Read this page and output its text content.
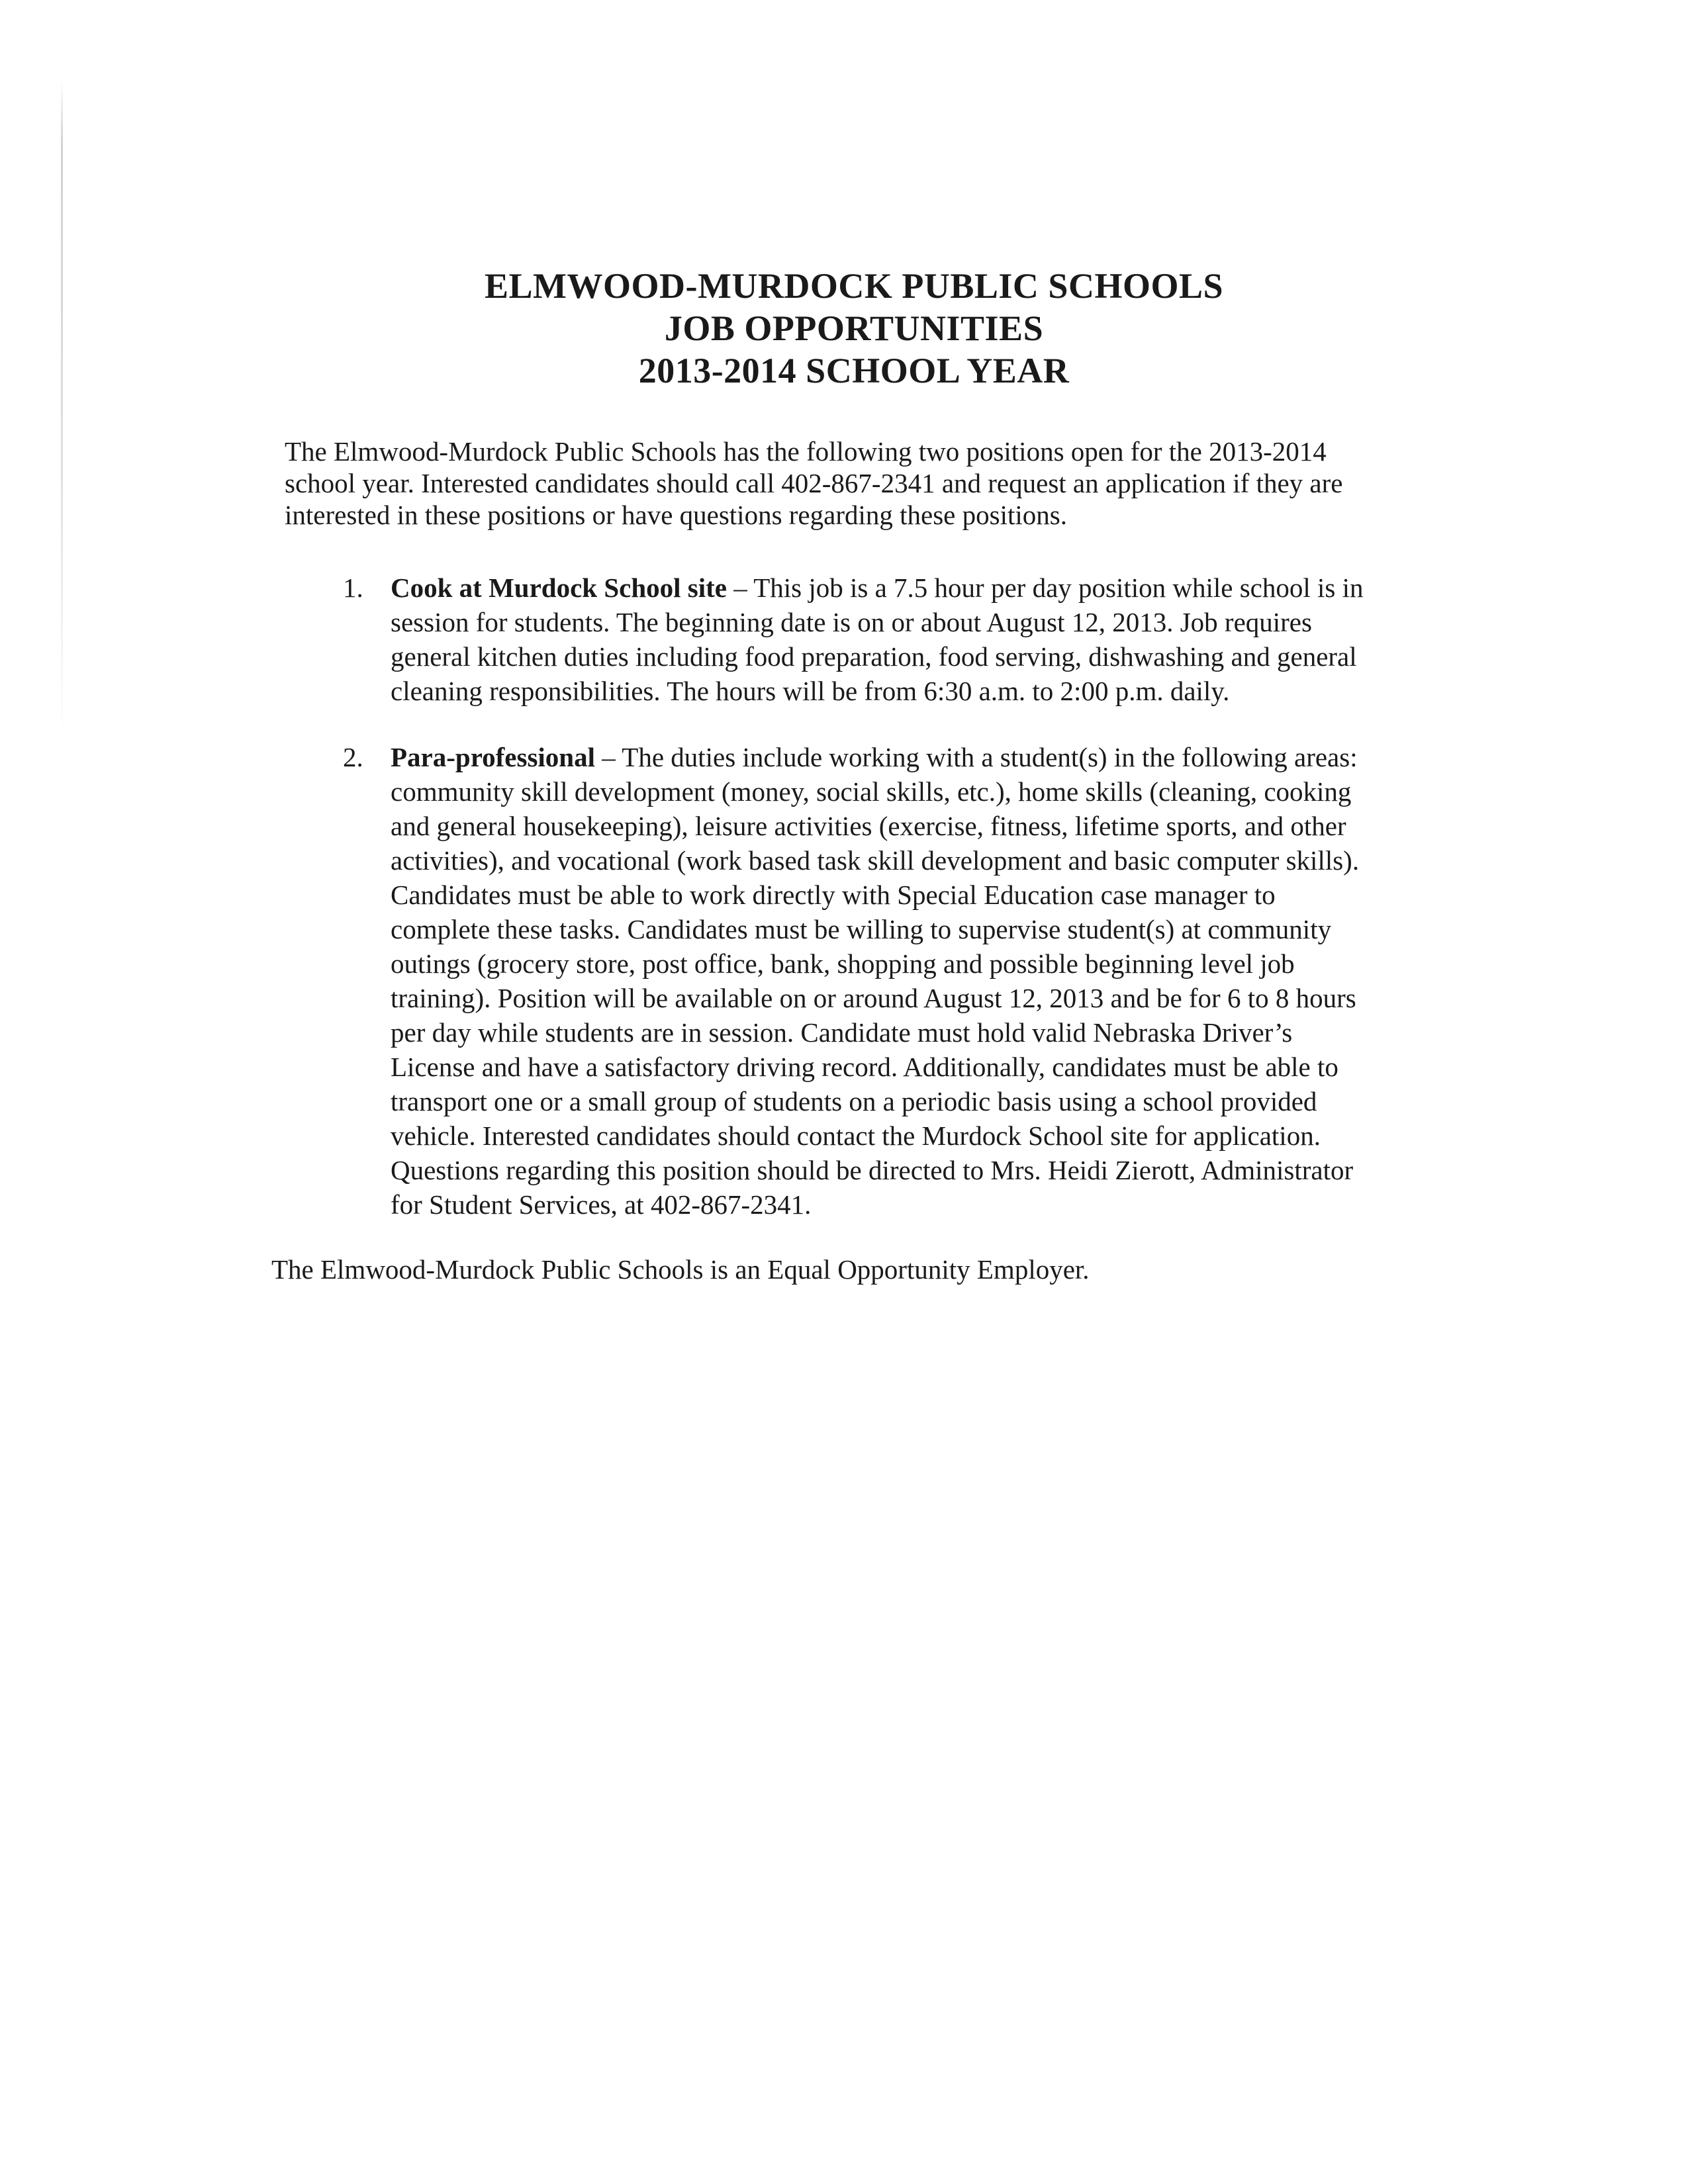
ELMWOOD-MURDOCK PUBLIC SCHOOLS
JOB OPPORTUNITIES
2013-2014 SCHOOL YEAR

The Elmwood-Murdock Public Schools has the following two positions open for the 2013-2014 school year. Interested candidates should call 402-867-2341 and request an application if they are interested in these positions or have questions regarding these positions.

1. Cook at Murdock School site – This job is a 7.5 hour per day position while school is in session for students. The beginning date is on or about August 12, 2013. Job requires general kitchen duties including food preparation, food serving, dishwashing and general cleaning responsibilities. The hours will be from 6:30 a.m. to 2:00 p.m. daily.
2. Para-professional – The duties include working with a student(s) in the following areas: community skill development (money, social skills, etc.), home skills (cleaning, cooking and general housekeeping), leisure activities (exercise, fitness, lifetime sports, and other activities), and vocational (work based task skill development and basic computer skills). Candidates must be able to work directly with Special Education case manager to complete these tasks. Candidates must be willing to supervise student(s) at community outings (grocery store, post office, bank, shopping and possible beginning level job training). Position will be available on or around August 12, 2013 and be for 6 to 8 hours per day while students are in session. Candidate must hold valid Nebraska Driver’s License and have a satisfactory driving record. Additionally, candidates must be able to transport one or a small group of students on a periodic basis using a school provided vehicle. Interested candidates should contact the Murdock School site for application. Questions regarding this position should be directed to Mrs. Heidi Zierott, Administrator for Student Services, at 402-867-2341.

The Elmwood-Murdock Public Schools is an Equal Opportunity Employer.
